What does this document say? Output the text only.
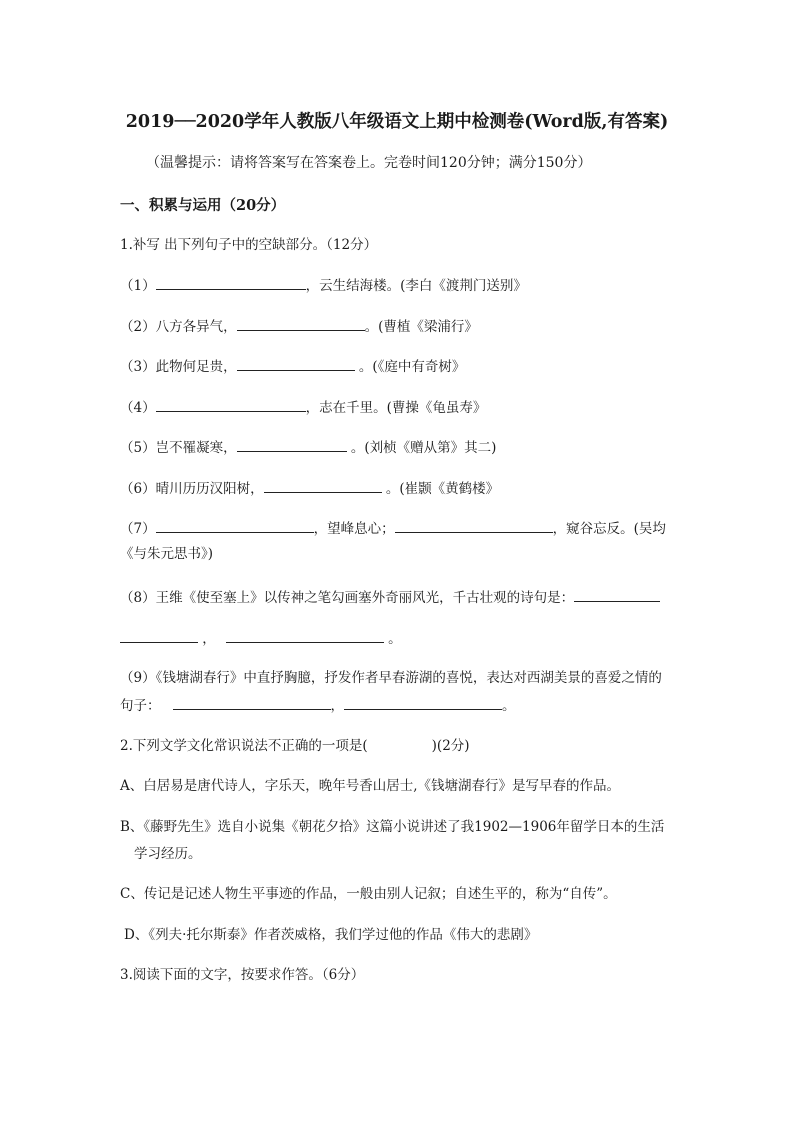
2019──2020学年人教版八年级语文上期中检测卷(Word版,有答案)
（温馨提示：请将答案写在答案卷上。完卷时间120分钟；满分150分）
一、积累与运用（20分）
1.补写 出下列句子中的空缺部分。（12分）
（1）	，云生结海楼。(李白《渡荆门送别》
（2）八方各异气，	。(曹植《梁浦行》
（3）此物何足贵，	。(《庭中有奇树》
（4）	，志在千里。(曹操《龟虽寿》
（5）岂不罹凝寒，	。(刘桢《赠从第》其二)
（6）晴川历历汉阳树，	。(崔颢《黄鹤楼》
（7）	，望峰息心；	，窥谷忘反。(吴均
《与朱元思书》)
（8）王维《使至塞上》以传神之笔勾画塞外奇丽风光，千古壮观的诗句是：
，	。
（9）《钱塘湖春行》中直抒胸臆，抒发作者早春游湖的喜悦，表达对西湖美景的喜爱之情的
句子：	，	。
2.下列文学文化常识说法不正确的一项是(	)(2分)
A、白居易是唐代诗人，字乐天，晚年号香山居士,《钱塘湖春行》是写早春的作品。
B、《藤野先生》选自小说集《朝花夕拾》这篇小说讲述了我1902—1906年留学日本的生活
学习经历。
C、传记是记述人物生平事迹的作品，一般由别人记叙；自述生平的，称为“自传”。
D、《列夫·托尔斯泰》作者茨威格，我们学过他的作品《伟大的悲剧》
3.阅读下面的文字，按要求作答。（6分）
